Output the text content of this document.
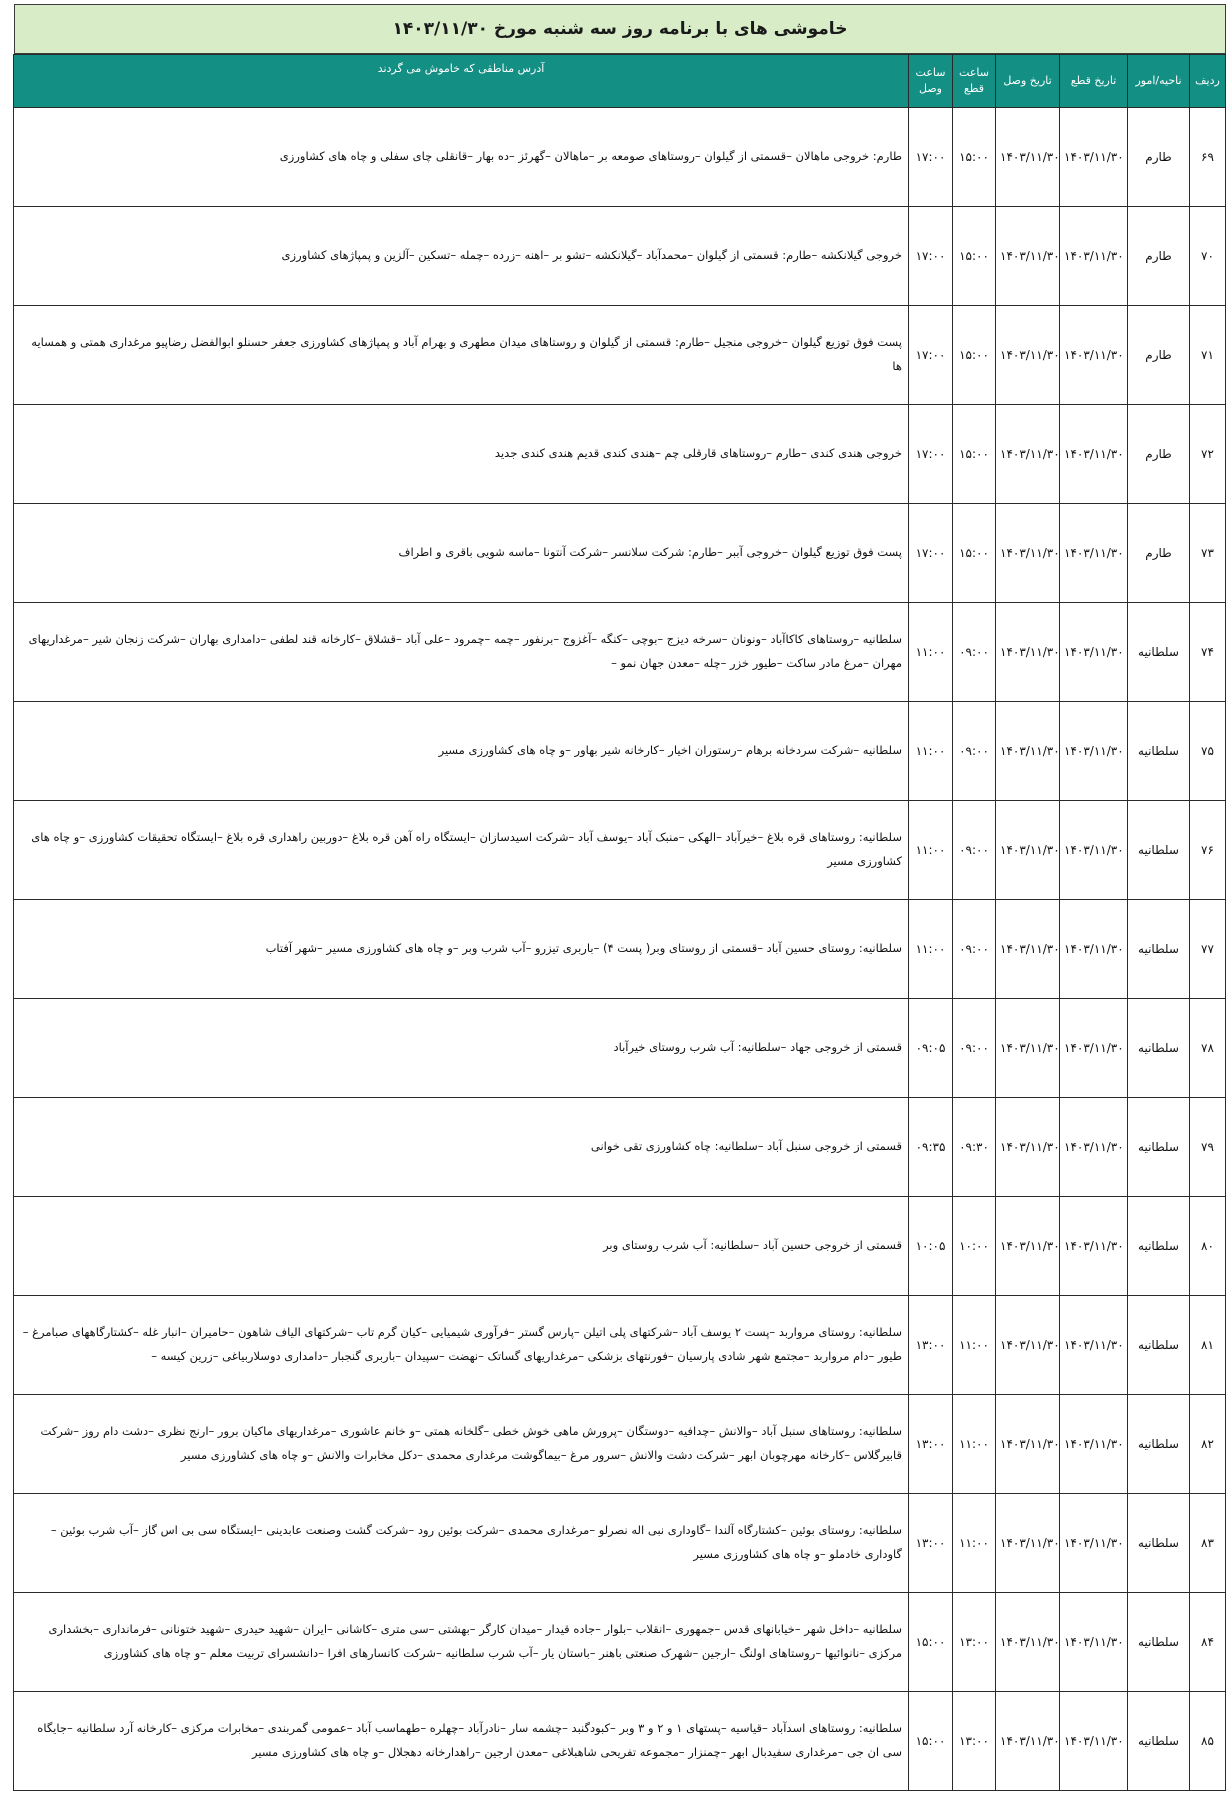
خاموشی های با برنامه روز سه شنبه مورخ ۱۴۰۳/۱۱/۳۰
ردیف	ناحیه/امور	تاریخ قطع	تاریخ وصل	ساعت قطع	ساعت وصل	آدرس مناطقی که خاموش می گردند
۶۹	طارم	۱۴۰۳/۱۱/۳۰	۱۴۰۳/۱۱/۳۰	۱۵:۰۰	۱۷:۰۰	طارم: خروجی ماهالان –قسمتی از گیلوان –روستاهای صومعه بر –ماهالان –گهرئز –ده بهار –قانقلی چای سفلی و چاه های کشاورزی
۷۰	طارم	۱۴۰۳/۱۱/۳۰	۱۴۰۳/۱۱/۳۰	۱۵:۰۰	۱۷:۰۰	خروجی گیلانکشه –طارم: قسمتی از گیلوان –محمدآباد –گیلانکشه –تشو بر –اهنه –زرده –چمله –تسکین –آلزین و پمپاژهای کشاورزی
۷۱	طارم	۱۴۰۳/۱۱/۳۰	۱۴۰۳/۱۱/۳۰	۱۵:۰۰	۱۷:۰۰	پست فوق توزیع گیلوان –خروجی منجیل –طارم: قسمتی از گیلوان و روستاهای میدان مطهری و بهرام آباد و پمپاژهای کشاورزی جعفر حسنلو ابوالفضل رضاپیو مرغداری همتی و همسایه ها
۷۲	طارم	۱۴۰۳/۱۱/۳۰	۱۴۰۳/۱۱/۳۰	۱۵:۰۰	۱۷:۰۰	خروجی هندی کندی –طارم –روستاهای قارقلی چم –هندی کندی قدیم هندی کندی جدید
۷۳	طارم	۱۴۰۳/۱۱/۳۰	۱۴۰۳/۱۱/۳۰	۱۵:۰۰	۱۷:۰۰	پست فوق توزیع گیلوان –خروجی آببر –طارم: شرکت سلانسر –شرکت آنتونا –ماسه شویی باقری و اطراف
۷۴	سلطانیه	۱۴۰۳/۱۱/۳۰	۱۴۰۳/۱۱/۳۰	۰۹:۰۰	۱۱:۰۰	سلطانیه –روستاهای کاکاآباد –ونونان –سرخه دیزج –بوچی –کنگه –آغزوج –برنفور –چمه –چمرود –علی آباد –قشلاق –کارخانه قند لطفی –دامداری بهاران –شرکت زنجان شیر –مرغداریهای مهران –مرغ مادر ساکت –طیور خزر –چله –معدن جهان نمو –
۷۵	سلطانیه	۱۴۰۳/۱۱/۳۰	۱۴۰۳/۱۱/۳۰	۰۹:۰۰	۱۱:۰۰	سلطانیه –شرکت سردخانه برهام –رستوران اخیار –کارخانه شیر بهاور –و چاه های کشاورزی مسیر
۷۶	سلطانیه	۱۴۰۳/۱۱/۳۰	۱۴۰۳/۱۱/۳۰	۰۹:۰۰	۱۱:۰۰	سلطانیه: روستاهای قره بلاغ –خیرآباد –الهکی –منبک آباد –یوسف آباد –شرکت اسیدسازان –ایستگاه راه آهن قره بلاغ –دوربین راهداری قره بلاغ –ایستگاه تحقیقات کشاورزی –و چاه های کشاورزی مسیر
۷۷	سلطانیه	۱۴۰۳/۱۱/۳۰	۱۴۰۳/۱۱/۳۰	۰۹:۰۰	۱۱:۰۰	سلطانیه: روستای حسین آباد –قسمتی از روستای وبر( پست ۴) –باربری تیزرو –آب شرب وبر –و چاه های کشاورزی مسیر –شهر آفتاب
۷۸	سلطانیه	۱۴۰۳/۱۱/۳۰	۱۴۰۳/۱۱/۳۰	۰۹:۰۰	۰۹:۰۵	قسمتی از خروجی جهاد –سلطانیه: آب شرب روستای خیرآباد
۷۹	سلطانیه	۱۴۰۳/۱۱/۳۰	۱۴۰۳/۱۱/۳۰	۰۹:۳۰	۰۹:۳۵	قسمتی از خروجی سنبل آباد –سلطانیه: چاه کشاورزی تقی خوانی
۸۰	سلطانیه	۱۴۰۳/۱۱/۳۰	۱۴۰۳/۱۱/۳۰	۱۰:۰۰	۱۰:۰۵	قسمتی از خروجی حسین آباد –سلطانیه: آب شرب روستای وبر
۸۱	سلطانیه	۱۴۰۳/۱۱/۳۰	۱۴۰۳/۱۱/۳۰	۱۱:۰۰	۱۳:۰۰	سلطانیه: روستای مرواربد –پست ۲ یوسف آباد –شرکتهای پلی اتیلن –پارس گستر –فرآوری شیمیایی –کیان گرم تاب –شرکتهای الیاف شاهون –حامیران –انبار غله –کشتارگاههای صبامرغ –طیور –دام مرواربد –مجتمع شهر شادی پارسیان –فورنتهای بزشکی –مرغداریهای گساتک –نهضت –سپیدان –باربری گنجبار –دامداری دوسلاربیاغی –زرین کیسه –
۸۲	سلطانیه	۱۴۰۳/۱۱/۳۰	۱۴۰۳/۱۱/۳۰	۱۱:۰۰	۱۳:۰۰	سلطانیه: روستاهای سنبل آباد –والانش –چدافیه –دوستگان –پرورش ماهی خوش خطی –گلخانه همتی –و خانم عاشوری –مرغداریهای ماکیان برور –ارنج نظری –دشت دام روز –شرکت قابیرگلاس –کارخانه مهرچوبان ابهر –شرکت دشت والانش –سرور مرغ –بیماگوشت مرغداری محمدی –دکل مخابرات والانش –و چاه های کشاورزی مسیر
۸۳	سلطانیه	۱۴۰۳/۱۱/۳۰	۱۴۰۳/۱۱/۳۰	۱۱:۰۰	۱۳:۰۰	سلطانیه: روستای بوئین –کشتارگاه آلندا –گاوداری نبی اله نصرلو –مرغداری محمدی –شرکت بوئین رود –شرکت گشت وصنعت عابدینی –ایستگاه سی بی اس گاز –آب شرب بوئین –گاوداری خادملو –و چاه های کشاورزی مسیر
۸۴	سلطانیه	۱۴۰۳/۱۱/۳۰	۱۴۰۳/۱۱/۳۰	۱۳:۰۰	۱۵:۰۰	سلطانیه –داخل شهر –خیابانهای قدس –جمهوری –انقلاب –بلوار –جاده قیدار –میدان کارگر –بهشتی –سی متری –کاشانی –ایران –شهید حیدری –شهید ختونانی –فرمانداری –بخشداری مرکزی –نانوائیها –روستاهای اولنگ –ارجین –شهرک صنعتی باهنر –باستان یار –آب شرب سلطانیه –شرکت کانسارهای افرا –دانشسرای تربیت معلم –و چاه های کشاورزی
۸۵	سلطانیه	۱۴۰۳/۱۱/۳۰	۱۴۰۳/۱۱/۳۰	۱۳:۰۰	۱۵:۰۰	سلطانیه: روستاهای اسدآباد –قیاسیه –پستهای ۱ و ۲ و ۳ وبر –کبودگنبد –چشمه سار –نادرآباد –چهلره –طهماسب آباد –عمومی گمربندی –مخابرات مرکزی –کارخانه آرد سلطانیه –جایگاه سی ان جی –مرغداری سفیدبال ابهر –چمنزار –مجموعه تفریحی شاهبلاغی –معدن ارجین –راهدارخانه دهجلال –و چاه های کشاورزی مسیر
